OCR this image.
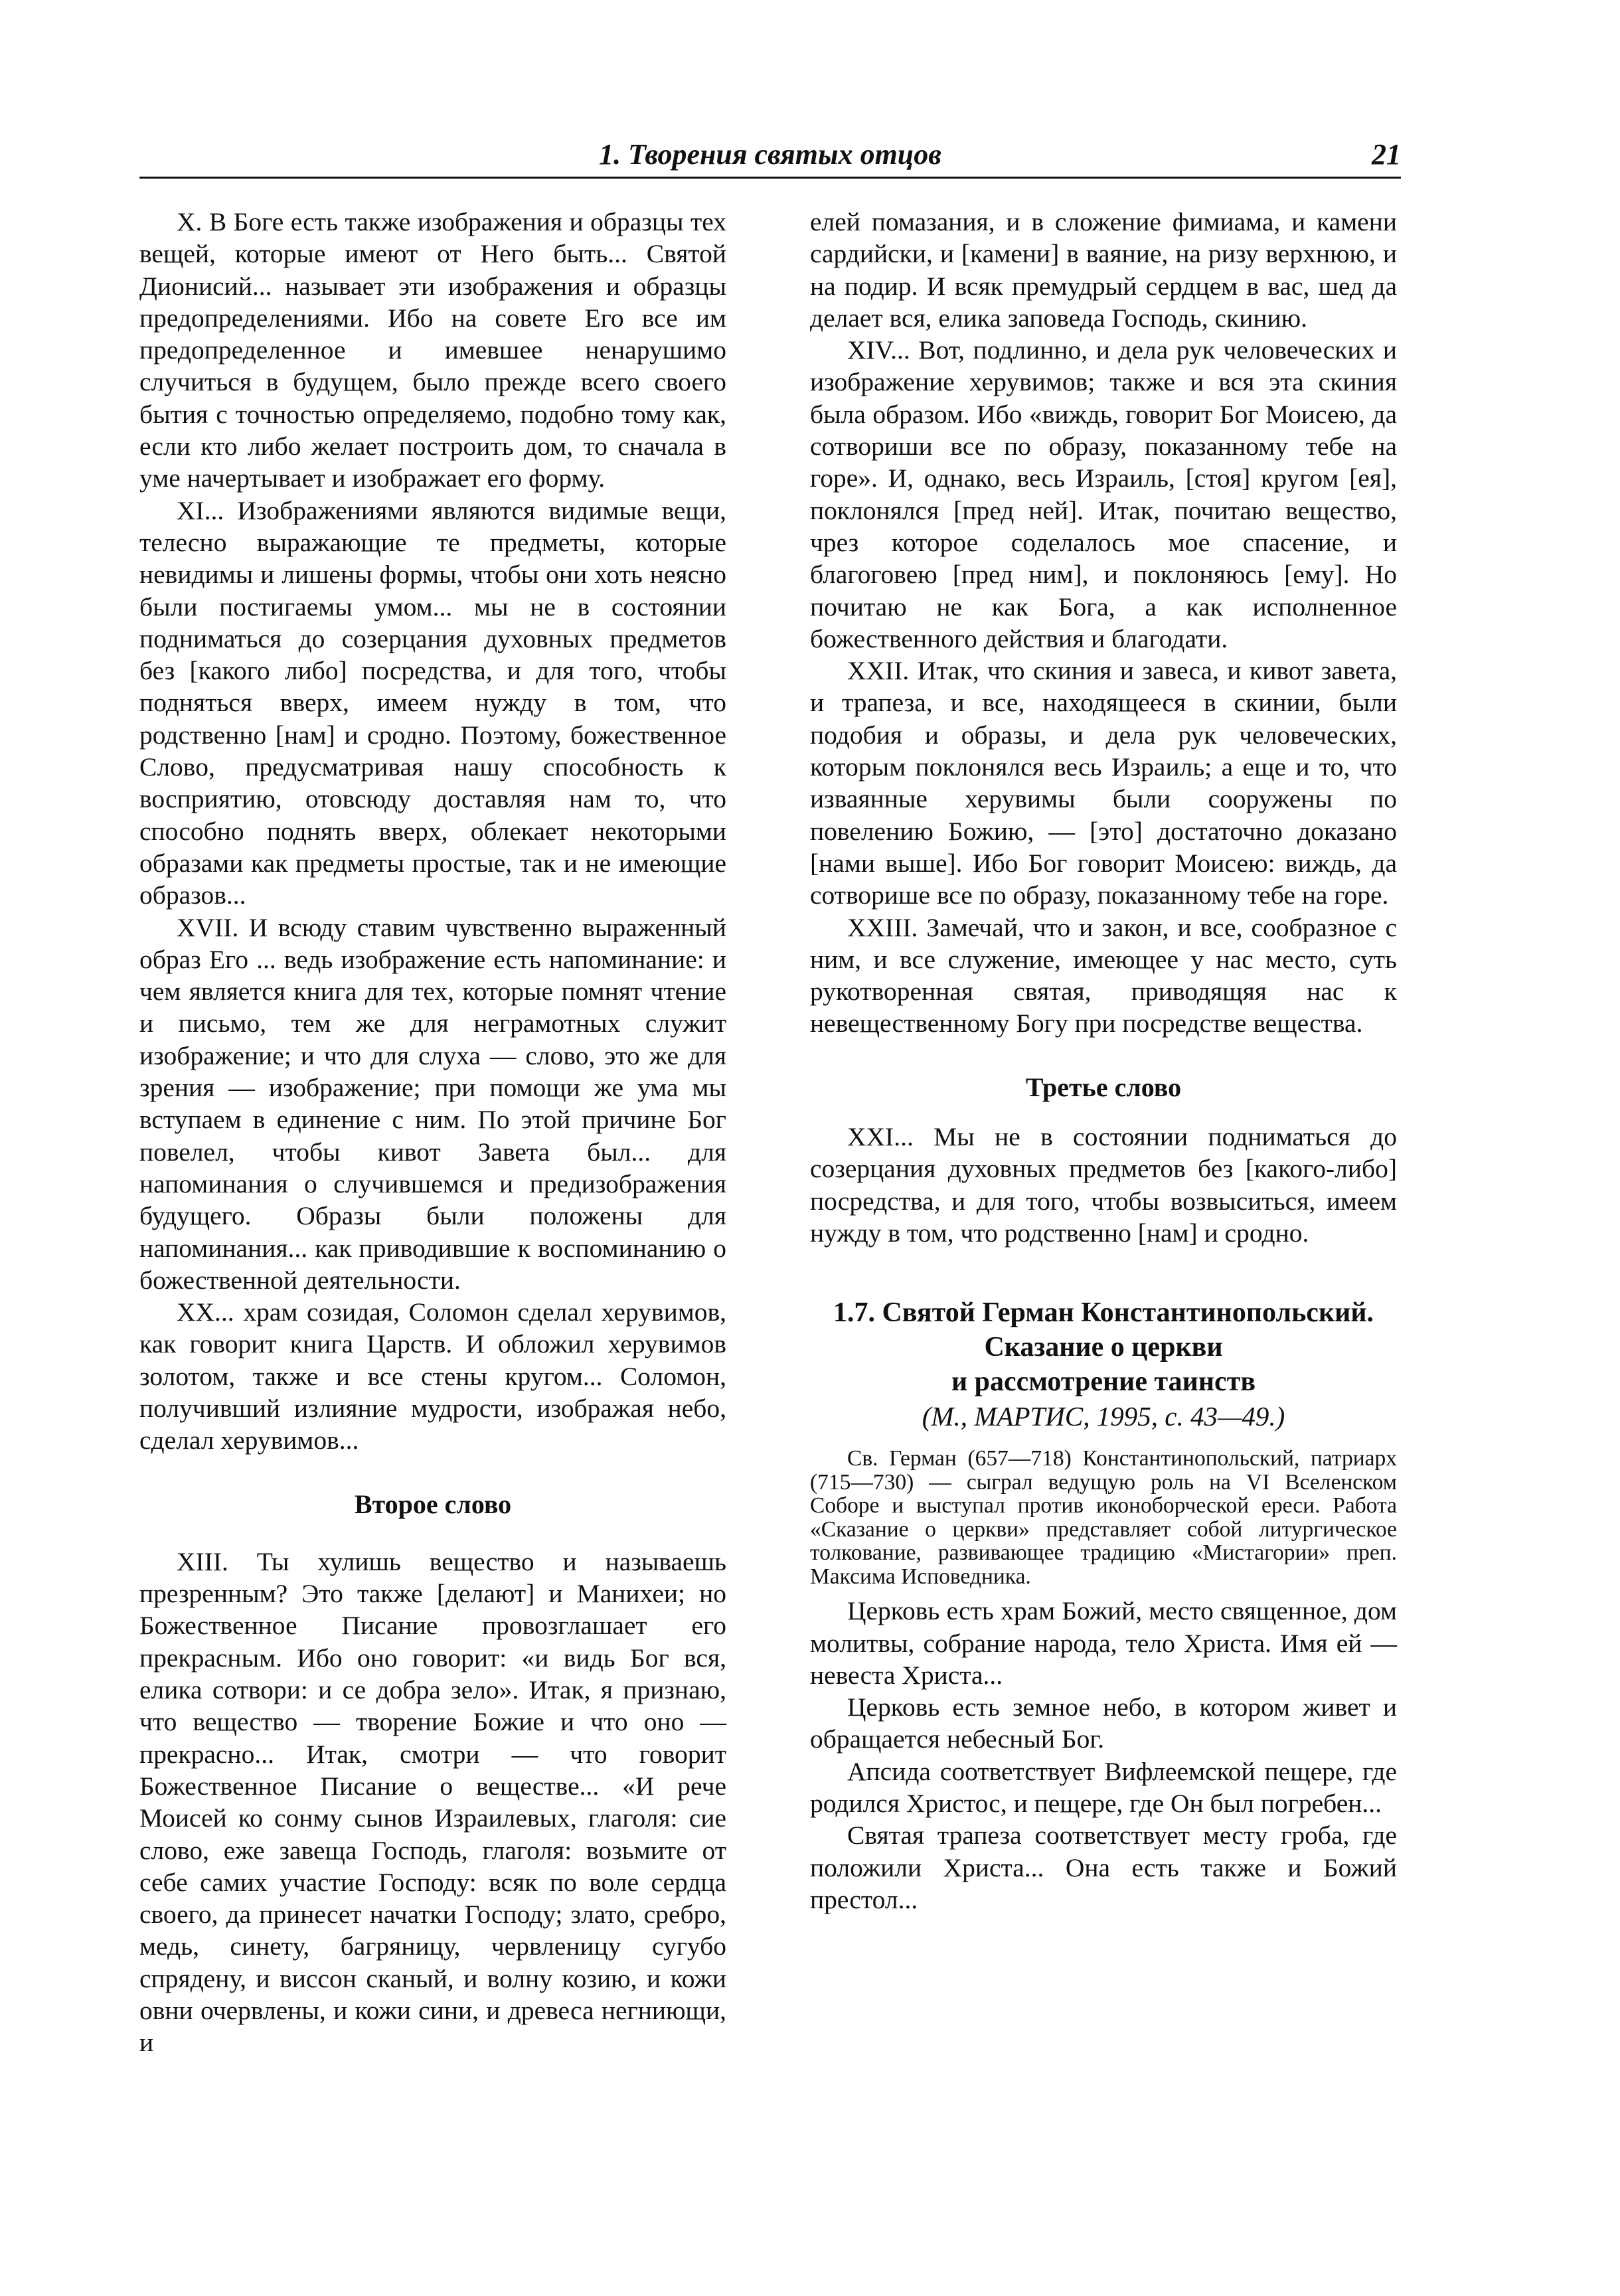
1. Творения святых отцов	21

X. В Боге есть также изображения и образцы тех вещей, которые имеют от Него быть... Святой Дионисий... называет эти изображения и образцы предопределениями. Ибо на совете Его все им предопределенное и имевшее ненарушимо случиться в будущем, было прежде всего своего бытия с точностью определяемо, подобно тому как, если кто либо желает построить дом, то сначала в уме начертывает и изображает его форму.

XI... Изображениями являются видимые вещи, телесно выражающие те предметы, которые невидимы и лишены формы, чтобы они хоть неясно были постигаемы умом... мы не в состоянии подниматься до созерцания духовных предметов без [какого либо] посредства, и для того, чтобы подняться вверх, имеем нужду в том, что родственно [нам] и сродно. Поэтому, божественное Слово, предусматривая нашу способность к восприятию, отовсюду доставляя нам то, что способно поднять вверх, облекает некоторыми образами как предметы простые, так и не имеющие образов...

XVII. И всюду ставим чувственно выраженный образ Его ... ведь изображение есть напоминание: и чем является книга для тех, которые помнят чтение и письмо, тем же для неграмотных служит изображение; и что для слуха — слово, это же для зрения — изображение; при помощи же ума мы вступаем в единение с ним. По этой причине Бог повелел, чтобы кивот Завета был... для напоминания о случившемся и предизображения будущего. Образы были положены для напоминания... как приводившие к воспоминанию о божественной деятельности.

XX... храм созидая, Соломон сделал херувимов, как говорит книга Царств. И обложил херувимов золотом, также и все стены кругом... Соломон, получивший излияние мудрости, изображая небо, сделал херувимов...

Второе слово

XIII. Ты хулишь вещество и называешь презренным? Это также [делают] и Манихеи; но Божественное Писание провозглашает его прекрасным. Ибо оно говорит: «и видь Бог вся, елика сотвори: и се добра зело». Итак, я признаю, что вещество — творение Божие и что оно — прекрасно... Итак, смотри — что говорит Божественное Писание о веществе... «И рече Моисей ко сонму сынов Израилевых, глаголя: сие слово, еже завеща Господь, глаголя: возьмите от себе самих участие Господу: всяк по воле сердца своего, да принесет начатки Господу; злато, сребро, медь, синету, багряницу, червленицу сугубо спрядену, и виссон сканый, и волну козию, и кожи овни очервлены, и кожи сини, и древеса негниющи, и

елей помазания, и в сложение фимиама, и камени сардийски, и [камени] в ваяние, на ризу верхнюю, и на подир. И всяк премудрый сердцем в вас, шед да делает вся, елика заповеда Господь, скинию.

XIV... Вот, подлинно, и дела рук человеческих и изображение херувимов; также и вся эта скиния была образом. Ибо «виждь, говорит Бог Моисею, да сотвориши все по образу, показанному тебе на горе». И, однако, весь Израиль, [стоя] кругом [ея], поклонялся [пред ней]. Итак, почитаю вещество, чрез которое соделалось мое спасение, и благоговею [пред ним], и поклоняюсь [ему]. Но почитаю не как Бога, а как исполненное божественного действия и благодати.

XXII. Итак, что скиния и завеса, и кивот завета, и трапеза, и все, находящееся в скинии, были подобия и образы, и дела рук человеческих, которым поклонялся весь Израиль; а еще и то, что изваянные херувимы были сооружены по повелению Божию, — [это] достаточно доказано [нами выше]. Ибо Бог говорит Моисею: виждь, да сотворише все по образу, показанному тебе на горе.

XXIII. Замечай, что и закон, и все, сообразное с ним, и все служение, имеющее у нас место, суть рукотворенная святая, приводящяя нас к невещественному Богу при посредстве вещества.

Третье слово

XXI... Мы не в состоянии подниматься до созерцания духовных предметов без [какого-либо] посредства, и для того, чтобы возвыситься, имеем нужду в том, что родственно [нам] и сродно.

1.7. Святой Герман Константинопольский.
Сказание о церкви
и рассмотрение таинств

(М., МАРТИС, 1995, с. 43—49.)

Св. Герман (657—718) Константинопольский, патриарх (715—730) — сыграл ведущую роль на VI Вселенском Соборе и выступал против иконоборческой ереси. Работа «Сказание о церкви» представляет собой литургическое толкование, развивающее традицию «Мистагории» преп. Максима Исповедника.

Церковь есть храм Божий, место священное, дом молитвы, собрание народа, тело Христа. Имя ей — невеста Христа...

Церковь есть земное небо, в котором живет и обращается небесный Бог.

Апсида соответствует Вифлеемской пещере, где родился Христос, и пещере, где Он был погребен...

Святая трапеза соответствует месту гроба, где положили Христа... Она есть также и Божий престол...
